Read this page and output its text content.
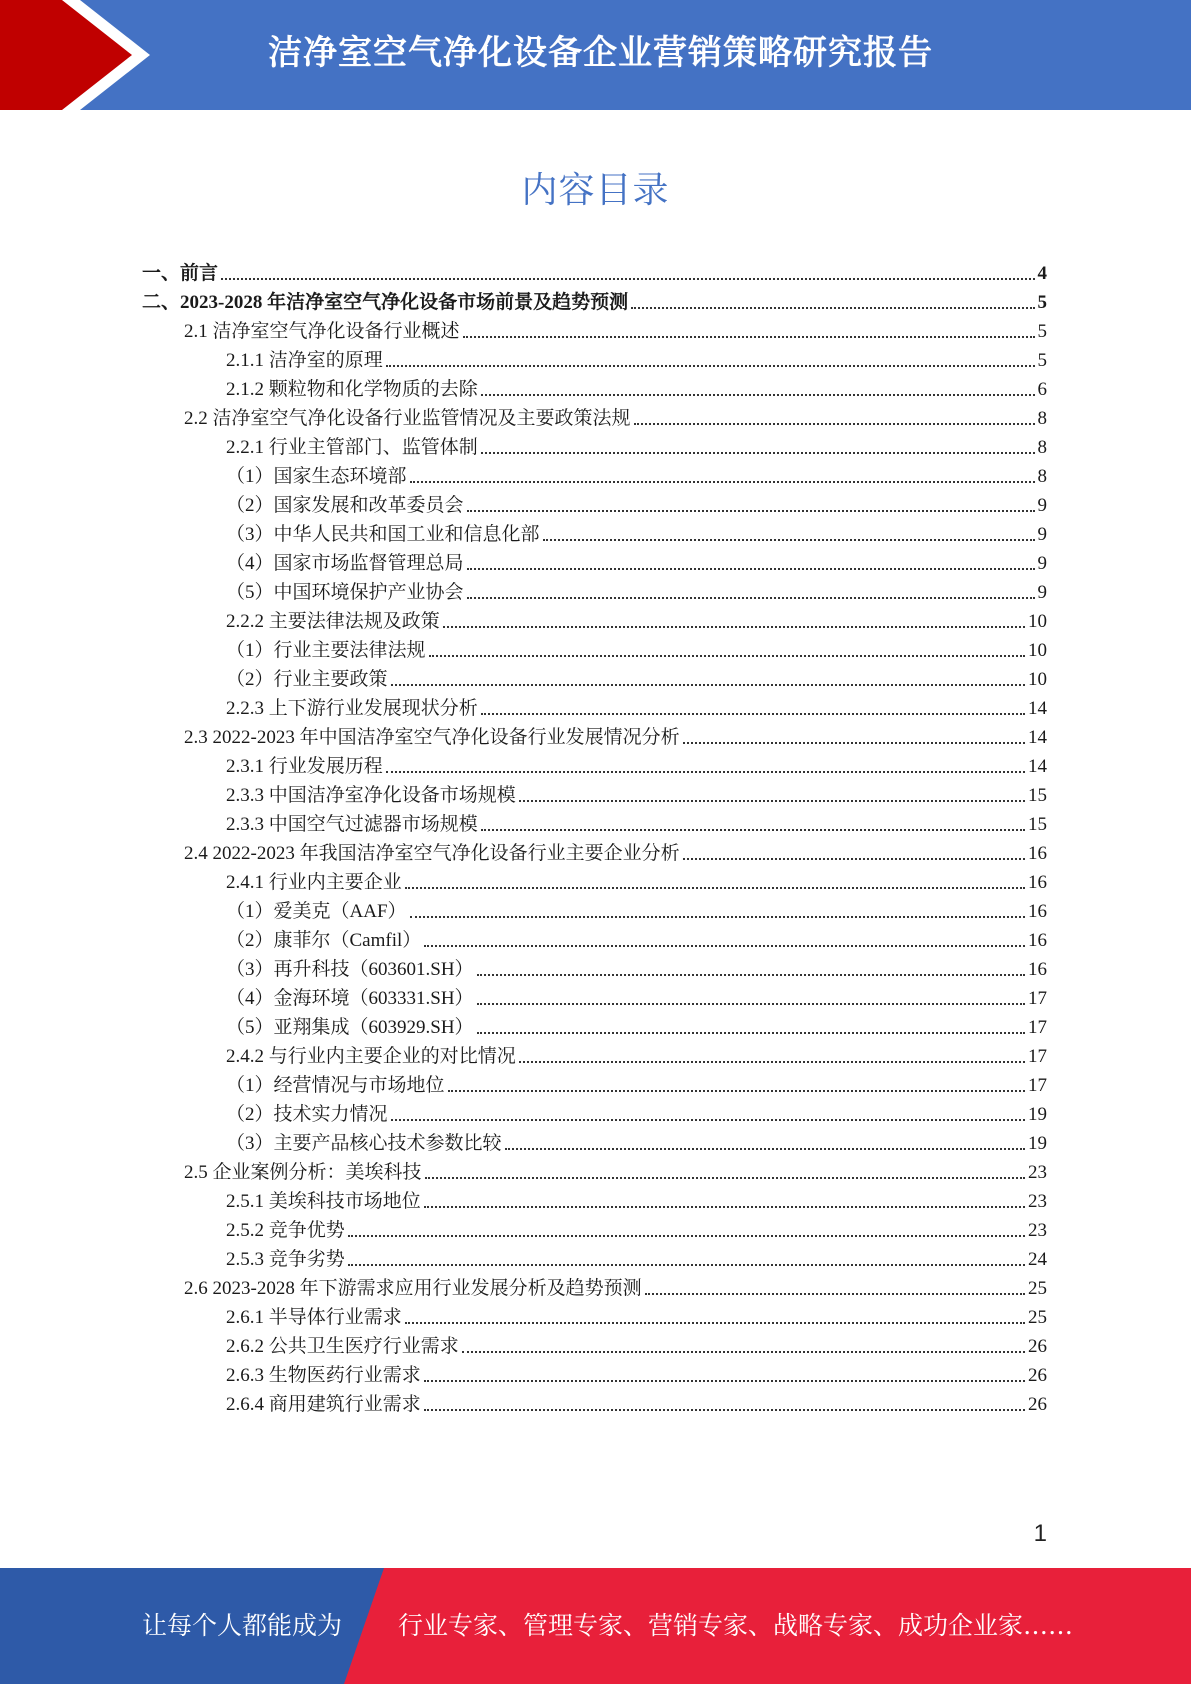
洁净室空气净化设备企业营销策略研究报告
内容目录
一、前言	4
二、2023-2028 年洁净室空气净化设备市场前景及趋势预测	5
2.1 洁净室空气净化设备行业概述	5
2.1.1 洁净室的原理	5
2.1.2 颗粒物和化学物质的去除	6
2.2 洁净室空气净化设备行业监管情况及主要政策法规	8
2.2.1 行业主管部门、监管体制	8
（1）国家生态环境部	8
（2）国家发展和改革委员会	9
（3）中华人民共和国工业和信息化部	9
（4）国家市场监督管理总局	9
（5）中国环境保护产业协会	9
2.2.2 主要法律法规及政策	10
（1）行业主要法律法规	10
（2）行业主要政策	10
2.2.3 上下游行业发展现状分析	14
2.3 2022-2023 年中国洁净室空气净化设备行业发展情况分析	14
2.3.1 行业发展历程	14
2.3.3 中国洁净室净化设备市场规模	15
2.3.3 中国空气过滤器市场规模	15
2.4 2022-2023 年我国洁净室空气净化设备行业主要企业分析	16
2.4.1 行业内主要企业	16
（1）爱美克（AAF）	16
（2）康菲尔（Camfil）	16
（3）再升科技（603601.SH）	16
（4）金海环境（603331.SH）	17
（5）亚翔集成（603929.SH）	17
2.4.2 与行业内主要企业的对比情况	17
（1）经营情况与市场地位	17
（2）技术实力情况	19
（3）主要产品核心技术参数比较	19
2.5 企业案例分析：美埃科技	23
2.5.1 美埃科技市场地位	23
2.5.2 竞争优势	23
2.5.3 竞争劣势	24
2.6 2023-2028 年下游需求应用行业发展分析及趋势预测	25
2.6.1 半导体行业需求	25
2.6.2 公共卫生医疗行业需求	26
2.6.3 生物医药行业需求	26
2.6.4 商用建筑行业需求	26
1
让每个人都能成为 行业专家、管理专家、营销专家、战略专家、成功企业家……
